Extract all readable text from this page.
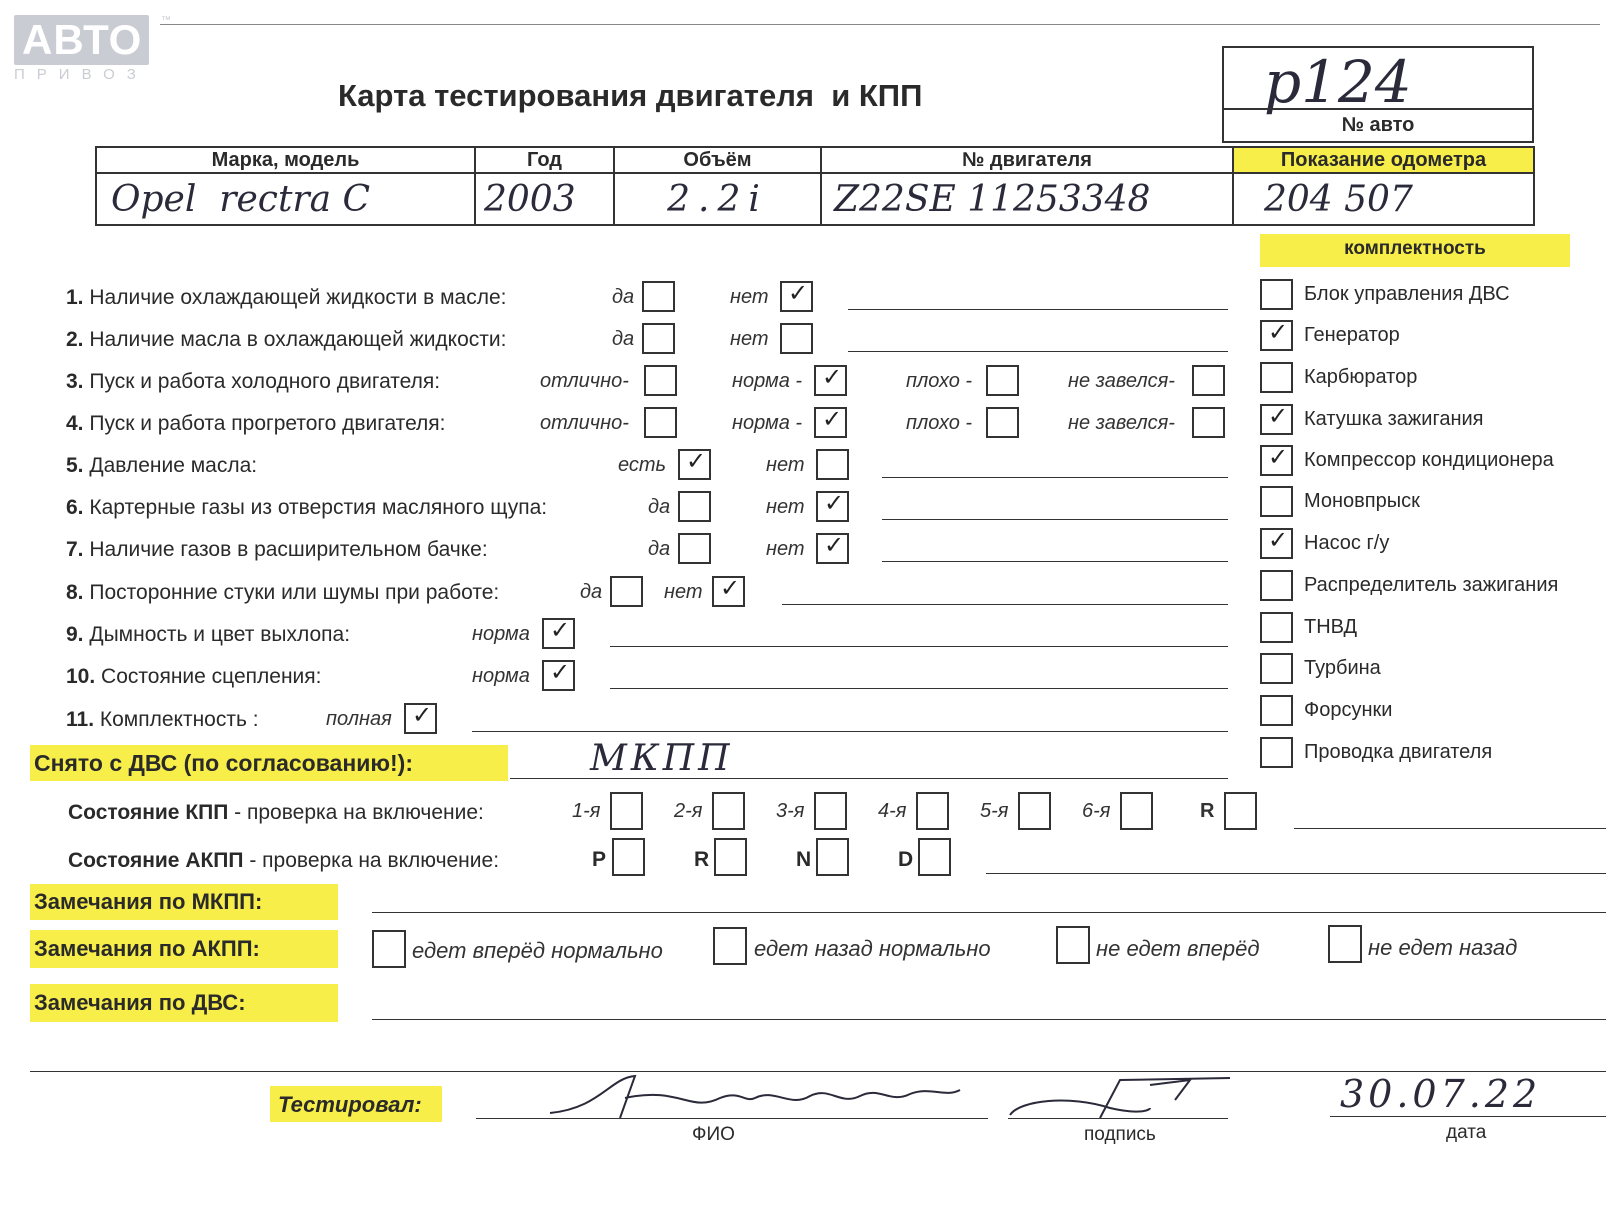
АВТО
ПРИВОЗ
™
Карта тестирования двигателя  и КПП	р124
№ авто
Марка, модель	Год	Объём	№ двигателя	Показание одометра
Opel  rectra C	2003	2.2i	Z22SE 11253348	204 507
комплектность
Блок управления ДВС
✓ Генератор
Карбюратор
✓ Катушка зажигания
✓ Компрессор кондиционера
Моновпрыск
✓ Насос г/у
Распределитель зажигания
ТНВД
Турбина
Форсунки
Проводка двигателя
1. Наличие охлаждающей жидкости в масле:	да	нет ✓
2. Наличие масла в охлаждающей жидкости:	да	нет
3. Пуск и работа холодного двигателя:	отлично-	норма - ✓	плохо -	не завелся-
4. Пуск и работа прогретого двигателя:	отлично-	норма - ✓	плохо -	не завелся-
5. Давление масла:	есть ✓	нет
6. Картерные газы из отверстия масляного щупа:	да	нет ✓
7. Наличие газов в расширительном бачке:	да	нет ✓
8. Посторонние стуки или шумы при работе:	да	нет ✓
9. Дымность и цвет выхлопа:	норма ✓
10. Состояние сцепления:	норма ✓
11. Комплектность :	полная ✓
Снято с ДВС (по согласованию!):	МКПП
Состояние КПП - проверка на включение:	1-я	2-я	3-я	4-я	5-я	6-я	R
Состояние АКПП - проверка на включение:	P	R	N	D
Замечания по МКПП:
Замечания по АКПП:	едет вперёд нормально	едет назад нормально	не едет вперёд	не едет назад
Замечания по ДВС:
Тестировал:
ФИО	подпись
30.07.22
дата
